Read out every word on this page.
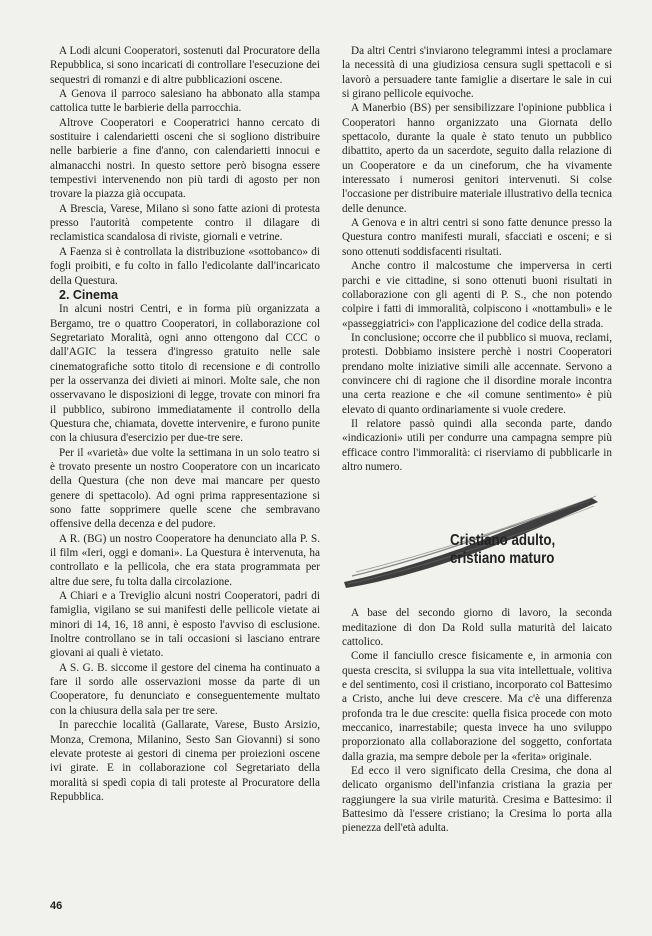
A Lodi alcuni Cooperatori, sostenuti dal Procuratore della Repubblica, si sono incaricati di controllare l'esecuzione dei sequestri di romanzi e di altre pubblicazioni oscene.

A Genova il parroco salesiano ha abbonato alla stampa cattolica tutte le barbierie della parrocchia.

Altrove Cooperatori e Cooperatrici hanno cercato di sostituire i calendarietti osceni che si sogliono distribuire nelle barbierie a fine d'anno, con calendarietti innocui e almanacchi nostri. In questo settore però bisogna essere tempestivi intervenendo non più tardi di agosto per non trovare la piazza già occupata.

A Brescia, Varese, Milano si sono fatte azioni di protesta presso l'autorità competente contro il dilagare di reclamistica scandalosa di riviste, giornali e vetrine.

A Faenza si è controllata la distribuzione «sottobanco» di fogli proibiti, e fu colto in fallo l'edicolante dall'incaricato della Questura.

2. Cinema

In alcuni nostri Centri, e in forma più organizzata a Bergamo, tre o quattro Cooperatori, in collaborazione col Segretariato Moralità, ogni anno ottengono dal CCC o dall'AGIC la tessera d'ingresso gratuito nelle sale cinematografiche sotto titolo di recensione e di controllo per la osservanza dei divieti ai minori. Molte sale, che non osservavano le disposizioni di legge, trovate con minori fra il pubblico, subirono immediatamente il controllo della Questura che, chiamata, dovette intervenire, e furono punite con la chiusura d'esercizio per due-tre sere.

Per il «varietà» due volte la settimana in un solo teatro si è trovato presente un nostro Cooperatore con un incaricato della Questura (che non deve mai mancare per questo genere di spettacolo). Ad ogni prima rappresentazione si sono fatte sopprimere quelle scene che sembravano offensive della decenza e del pudore.

A R. (BG) un nostro Cooperatore ha denunciato alla P. S. il film «Ieri, oggi e domani». La Questura è intervenuta, ha controllato e la pellicola, che era stata programmata per altre due sere, fu tolta dalla circolazione.

A Chiari e a Treviglio alcuni nostri Cooperatori, padri di famiglia, vigilano se sui manifesti delle pellicole vietate ai minori di 14, 16, 18 anni, è esposto l'avviso di esclusione. Inoltre controllano se in tali occasioni si lasciano entrare giovani ai quali è vietato.

A S. G. B. siccome il gestore del cinema ha continuato a fare il sordo alle osservazioni mosse da parte di un Cooperatore, fu denunciato e conseguentemente multato con la chiusura della sala per tre sere.

In parecchie località (Gallarate, Varese, Busto Arsizio, Monza, Cremona, Milanino, Sesto San Giovanni) si sono elevate proteste ai gestori di cinema per proiezioni oscene ivi girate. E in collaborazione col Segretariato della moralità si spedì copia di tali proteste al Procuratore della Repubblica.

Da altri Centri s'inviarono telegrammi intesi a proclamare la necessità di una giudiziosa censura sugli spettacoli e si lavorò a persuadere tante famiglie a disertare le sale in cui si girano pellicole equivoche.

A Manerbio (BS) per sensibilizzare l'opinione pubblica i Cooperatori hanno organizzato una Giornata dello spettacolo, durante la quale è stato tenuto un pubblico dibattito, aperto da un sacerdote, seguito dalla relazione di un Cooperatore e da un cineforum, che ha vivamente interessato i numerosi genitori intervenuti. Si colse l'occasione per distribuire materiale illustrativo della tecnica delle denunce.

A Genova e in altri centri si sono fatte denunce presso la Questura contro manifesti murali, sfacciati e osceni; e si sono ottenuti soddisfacenti risultati.

Anche contro il malcostume che imperversa in certi parchi e vie cittadine, si sono ottenuti buoni risultati in collaborazione con gli agenti di P. S., che non potendo colpire i fatti di immoralità, colpiscono i «nottambuli» e le «passeggiatrici» con l'applicazione del codice della strada.

In conclusione; occorre che il pubblico si muova, reclami, protesti. Dobbiamo insistere perchè i nostri Cooperatori prendano molte iniziative simili alle accennate. Servono a convincere chi di ragione che il disordine morale incontra una certa reazione e che «il comune sentimento» è più elevato di quanto ordinariamente si vuole credere.

Il relatore passò quindi alla seconda parte, dando «indicazioni» utili per condurre una campagna sempre più efficace contro l'immoralità: ci riserviamo di pubblicarle in altro numero.

Cristiano adulto,
cristiano maturo

A base del secondo giorno di lavoro, la seconda meditazione di don Da Rold sulla maturità del laicato cattolico.

Come il fanciullo cresce fisicamente e, in armonia con questa crescita, si sviluppa la sua vita intellettuale, volitiva e del sentimento, così il cristiano, incorporato col Battesimo a Cristo, anche lui deve crescere. Ma c'è una differenza profonda tra le due crescite: quella fisica procede con moto meccanico, inarrestabile; questa invece ha uno sviluppo proporzionato alla collaborazione del soggetto, confortata dalla grazia, ma sempre debole per la «ferita» originale.

Ed ecco il vero significato della Cresima, che dona al delicato organismo dell'infanzia cristiana la grazia per raggiungere la sua virile maturità. Cresima e Battesimo: il Battesimo dà l'essere cristiano; la Cresima lo porta alla pienezza dell'età adulta.

46
